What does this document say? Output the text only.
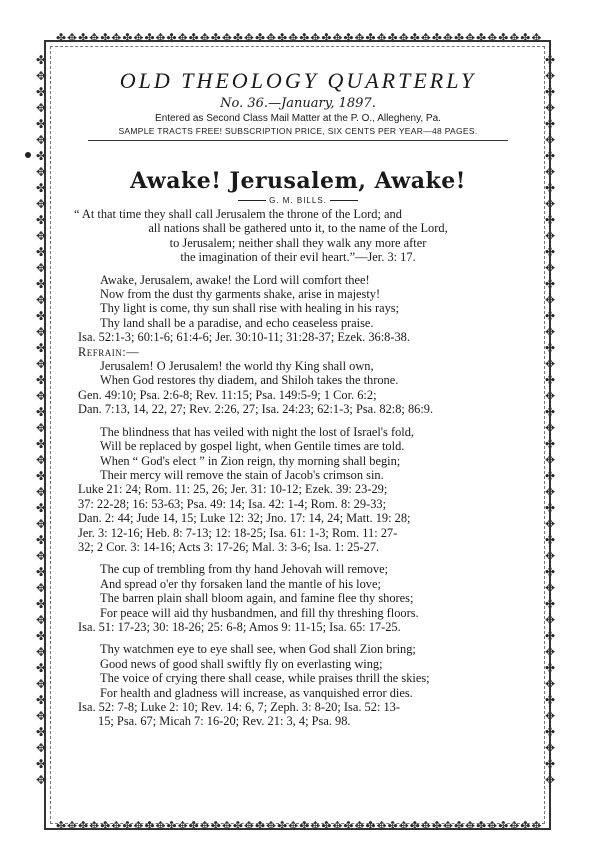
✤✥✤✥✤✥✤✥✤✥✤✥✤✥✤✥✤✥✤✥✤✥✤✥✤✥✤✥✤✥✤✥✤✥✤✥✤✥✤✥✤✥✤✥
✤✥✤✥✤✥✤✥✤✥✤✥✤✥✤✥✤✥✤✥✤✥✤✥✤✥✤✥✤✥✤✥✤✥✤✥✤✥✤✥✤✥✤✥
✤✥✤✥✤✥✤✥✤✥✤✥✤✥✤✥✤✥✤✥✤✥✤✥✤✥✤✥✤✥✤✥✤✥✤✥✤✥✤✥✤✥✤✥✤✥
✤✥✤✥✤✥✤✥✤✥✤✥✤✥✤✥✤✥✤✥✤✥✤✥✤✥✤✥✤✥✤✥✤✥✤✥✤✥✤✥✤✥✤✥✤✥
OLD THEOLOGY QUARTERLY
No. 36.—January, 1897.
Entered as Second Class Mail Matter at the P. O., Allegheny, Pa.
SAMPLE TRACTS FREE! SUBSCRIPTION PRICE, SIX CENTS PER YEAR—48 PAGES.
Awake! Jerusalem, Awake!
G. M. BILLS.

“ At that time they shall call Jerusalem the throne of the Lord; and

all nations shall be gathered unto it, to the name of the Lord,

to Jerusalem; neither shall they walk any more after

the imagination of their evil heart.”—Jer. 3: 17.

Awake, Jerusalem, awake! the Lord will comfort thee!

Now from the dust thy garments shake, arise in majesty!

Thy light is come, thy sun shall rise with healing in his rays;

Thy land shall be a paradise, and echo ceaseless praise.

Isa. 52:1-3; 60:1-6; 61:4-6; Jer. 30:10-11; 31:28-37; Ezek. 36:8-38.

Refrain:—

Jerusalem! O Jerusalem! the world thy King shall own,

When God restores thy diadem, and Shiloh takes the throne.

Gen. 49:10; Psa. 2:6-8; Rev. 11:15; Psa. 149:5-9; 1 Cor. 6:2;

Dan. 7:13, 14, 22, 27; Rev. 2:26, 27; Isa. 24:23; 62:1-3; Psa. 82:8; 86:9.

The blindness that has veiled with night the lost of Israel's fold,

Will be replaced by gospel light, when Gentile times are told.

When “ God's elect ” in Zion reign, thy morning shall begin;

Their mercy will remove the stain of Jacob's crimson sin.

Luke 21: 24; Rom. 11: 25, 26; Jer. 31: 10-12; Ezek. 39: 23-29;

37: 22-28; 16: 53-63; Psa. 49: 14; Isa. 42: 1-4; Rom. 8: 29-33;

Dan. 2: 44; Jude 14, 15; Luke 12: 32; Jno. 17: 14, 24; Matt. 19: 28;

Jer. 3: 12-16; Heb. 8: 7-13; 12: 18-25; Isa. 61: 1-3; Rom. 11: 27-

32; 2 Cor. 3: 14-16; Acts 3: 17-26; Mal. 3: 3-6; Isa. 1: 25-27.

The cup of trembling from thy hand Jehovah will remove;

And spread o'er thy forsaken land the mantle of his love;

The barren plain shall bloom again, and famine flee thy shores;

For peace will aid thy husbandmen, and fill thy threshing floors.

Isa. 51: 17-23; 30: 18-26; 25: 6-8; Amos 9: 11-15; Isa. 65: 17-25.

Thy watchmen eye to eye shall see, when God shall Zion bring;

Good news of good shall swiftly fly on everlasting wing;

The voice of crying there shall cease, while praises thrill the skies;

For health and gladness will increase, as vanquished error dies.

Isa. 52: 7-8; Luke 2: 10; Rev. 14: 6, 7; Zeph. 3: 8-20; Isa. 52: 13-

15; Psa. 67; Micah 7: 16-20; Rev. 21: 3, 4; Psa. 98.
